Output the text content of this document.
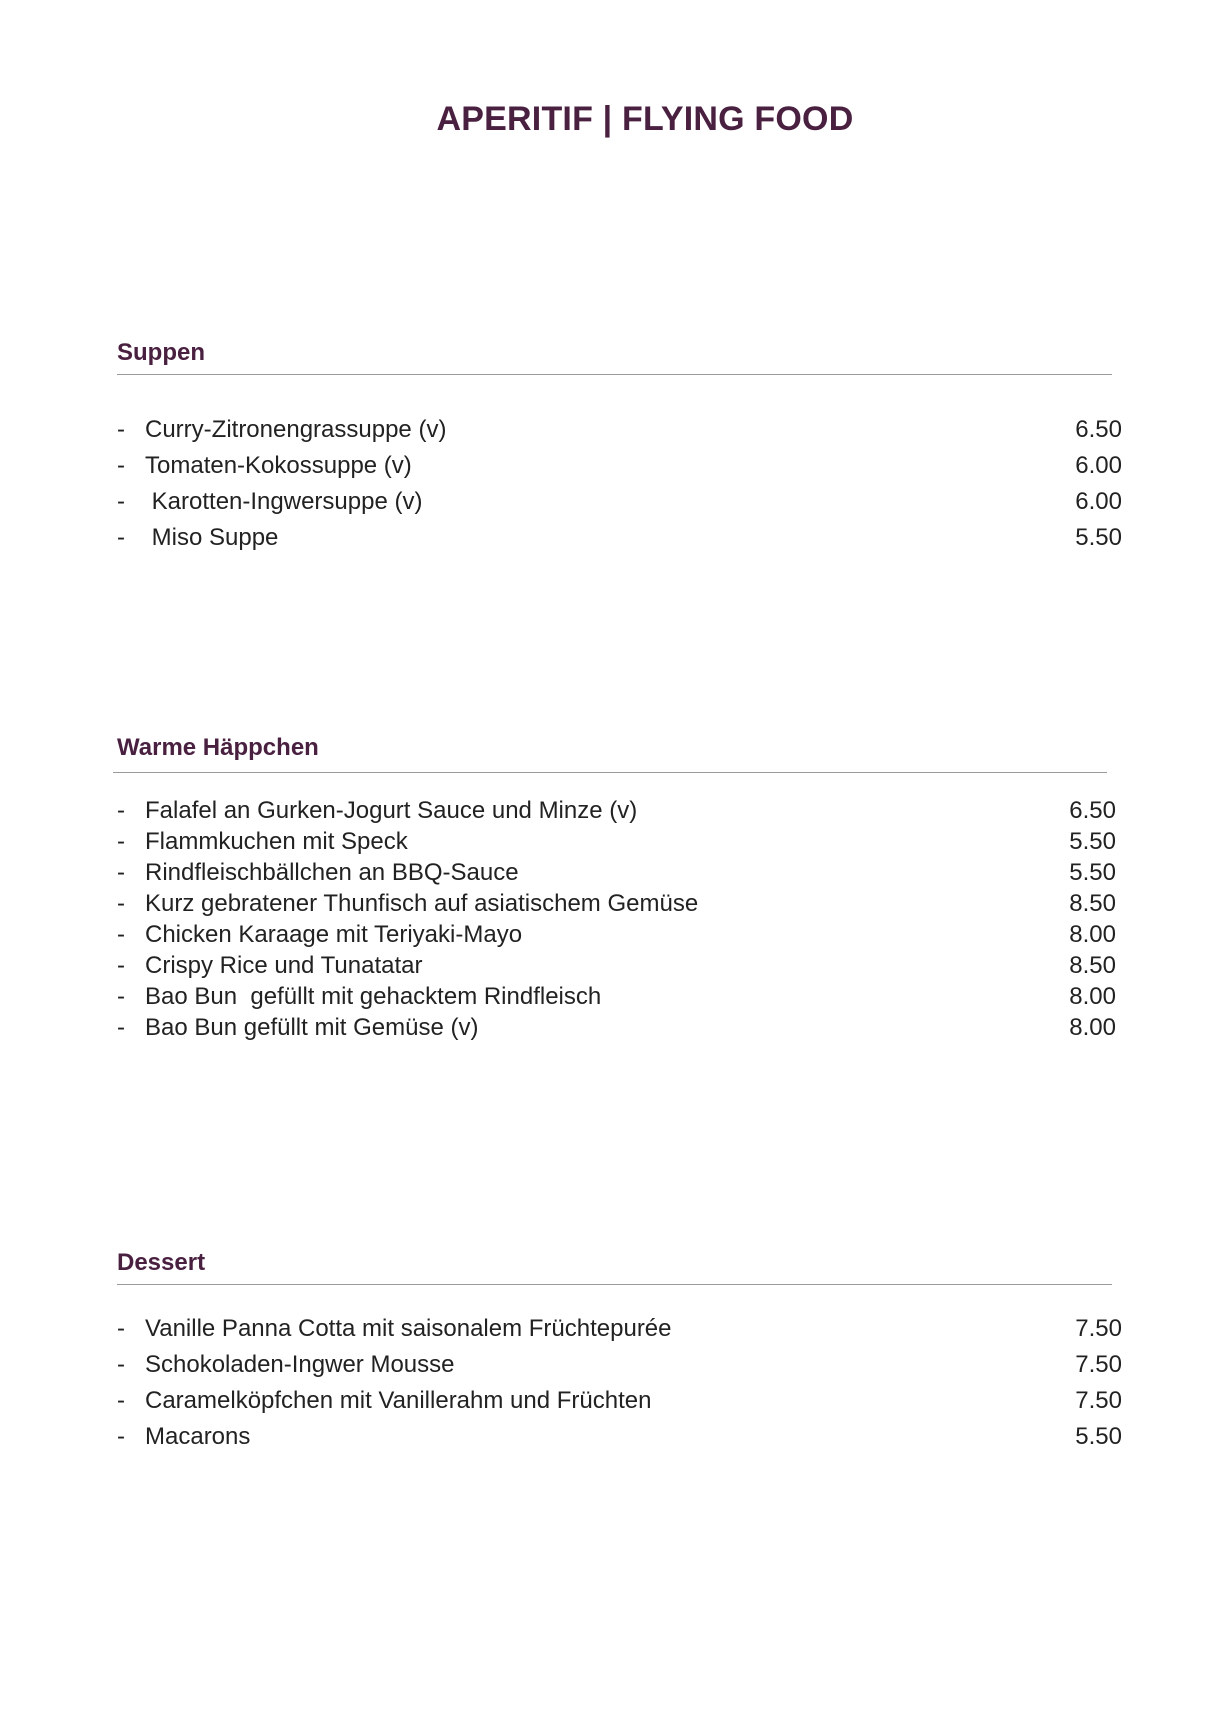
APERITIF | FLYING FOOD
Suppen
- Curry-Zitronengrassuppe (v)	6.50
- Tomaten-Kokossuppe (v)	6.00
- Karotten-Ingwersuppe (v)	6.00
- Miso Suppe	5.50
Warme Häppchen
- Falafel an Gurken-Jogurt Sauce und Minze (v)	6.50
- Flammkuchen mit Speck	5.50
- Rindfleischbällchen an BBQ-Sauce	5.50
- Kurz gebratener Thunfisch auf asiatischem Gemüse	8.50
- Chicken Karaage mit Teriyaki-Mayo	8.00
- Crispy Rice und Tunatatar	8.50
- Bao Bun  gefüllt mit gehacktem Rindfleisch	8.00
- Bao Bun gefüllt mit Gemüse (v)	8.00
Dessert
- Vanille Panna Cotta mit saisonalem Früchtepurée	7.50
- Schokoladen-Ingwer Mousse	7.50
- Caramelköpfchen mit Vanillerahm und Früchten	7.50
- Macarons	5.50
